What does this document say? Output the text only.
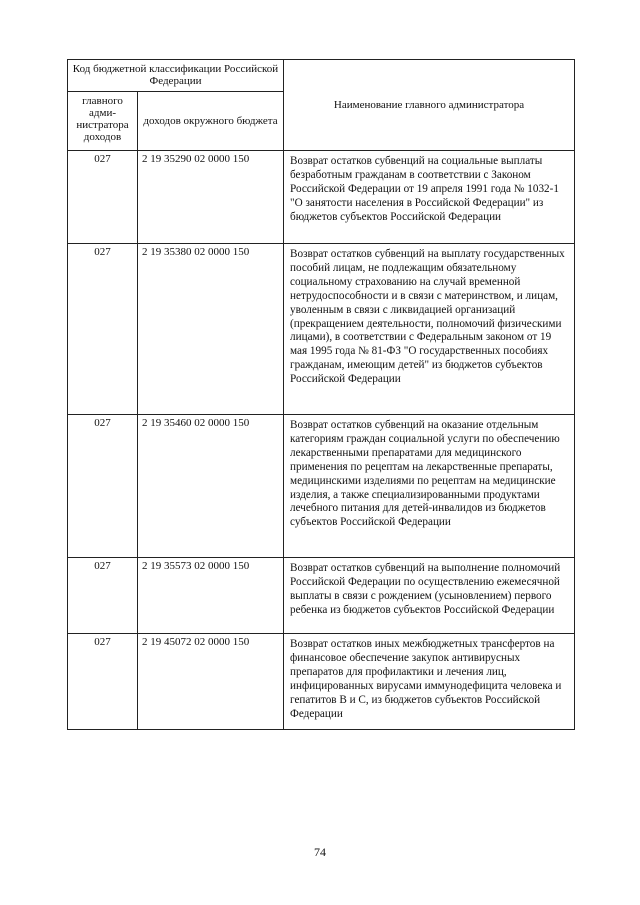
Код бюджетной классификации Российской Федерации		Наименование главного администратора
главного адми-нистратора доходов	доходов окружного бюджета	
027	2 19 35290 02 0000 150	Возврат остатков субвенций на социальные выплаты безработным гражданам в соответствии с Законом Российской Федерации от 19 апреля 1991 года № 1032-1 "О занятости населения в Российской Федерации" из бюджетов субъектов Российской Федерации
027	2 19 35380 02 0000 150	Возврат остатков субвенций на выплату государственных пособий лицам, не подлежащим обязательному социальному страхованию на случай временной нетрудоспособности и в связи с материнством, и лицам, уволенным в связи с ликвидацией организаций (прекращением деятельности, полномочий физическими лицами), в соответствии с Федеральным законом от 19 мая 1995 года № 81-ФЗ "О государственных пособиях гражданам, имеющим детей" из бюджетов субъектов Российской Федерации
027	2 19 35460 02 0000 150	Возврат остатков субвенций на оказание отдельным категориям граждан социальной услуги по обеспечению лекарственными препаратами для медицинского применения по рецептам на лекарственные препараты, медицинскими изделиями по рецептам на медицинские изделия, а также специализированными продуктами лечебного питания для детей-инвалидов из бюджетов субъектов Российской Федерации
027	2 19 35573 02 0000 150	Возврат остатков субвенций на выполнение полномочий Российской Федерации по осуществлению ежемесячной выплаты в связи с рождением (усыновлением) первого ребенка из бюджетов субъектов Российской Федерации
027	2 19 45072 02 0000 150	Возврат остатков иных межбюджетных трансфертов на финансовое обеспечение закупок антивирусных препаратов для профилактики и лечения лиц, инфицированных вирусами иммунодефицита человека и гепатитов B и C, из бюджетов субъектов Российской Федерации
74
